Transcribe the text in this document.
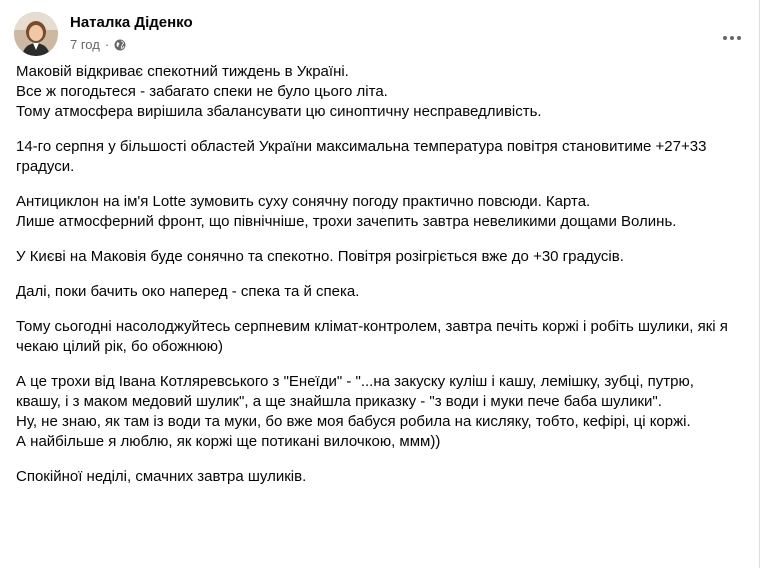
Наталка Діденко
7 год ·

Маковій відкриває спекотний тиждень в Україні.
Все ж погодьтеся - забагато спеки не було цього літа.
Тому атмосфера вирішила збалансувати цю синоптичну несправедливість.

14-го серпня у більшості областей України максимальна температура повітря становитиме +27+33 градуси.

Антициклон на ім'я Lotte зумовить суху сонячну погоду практично повсюди. Карта.
Лише атмосферний фронт, що північніше, трохи зачепить завтра невеликими дощами Волинь.

У Києві на Маковія буде сонячно та спекотно. Повітря розігріється вже до +30 градусів.

Далі, поки бачить око наперед - спека та й спека.

Тому сьогодні насолоджуйтесь серпневим клімат-контролем, завтра печіть коржі і робіть шулики, які я чекаю цілий рік, бо обожнюю)

А це трохи від Івана Котляревського з "Енеїди" - "...на закуску куліш і кашу, лемішку, зубці, путрю, квашу, і з маком медовий шулик", а ще знайшла приказку - "з води і муки пече баба шулики".
Ну, не знаю, як там із води та муки, бо вже моя бабуся робила на кисляку, тобто, кефірі, ці коржі.
А найбільше я люблю, як коржі ще потикані вилочкою, ммм))

Спокійної неділі, смачних завтра шуликів.
